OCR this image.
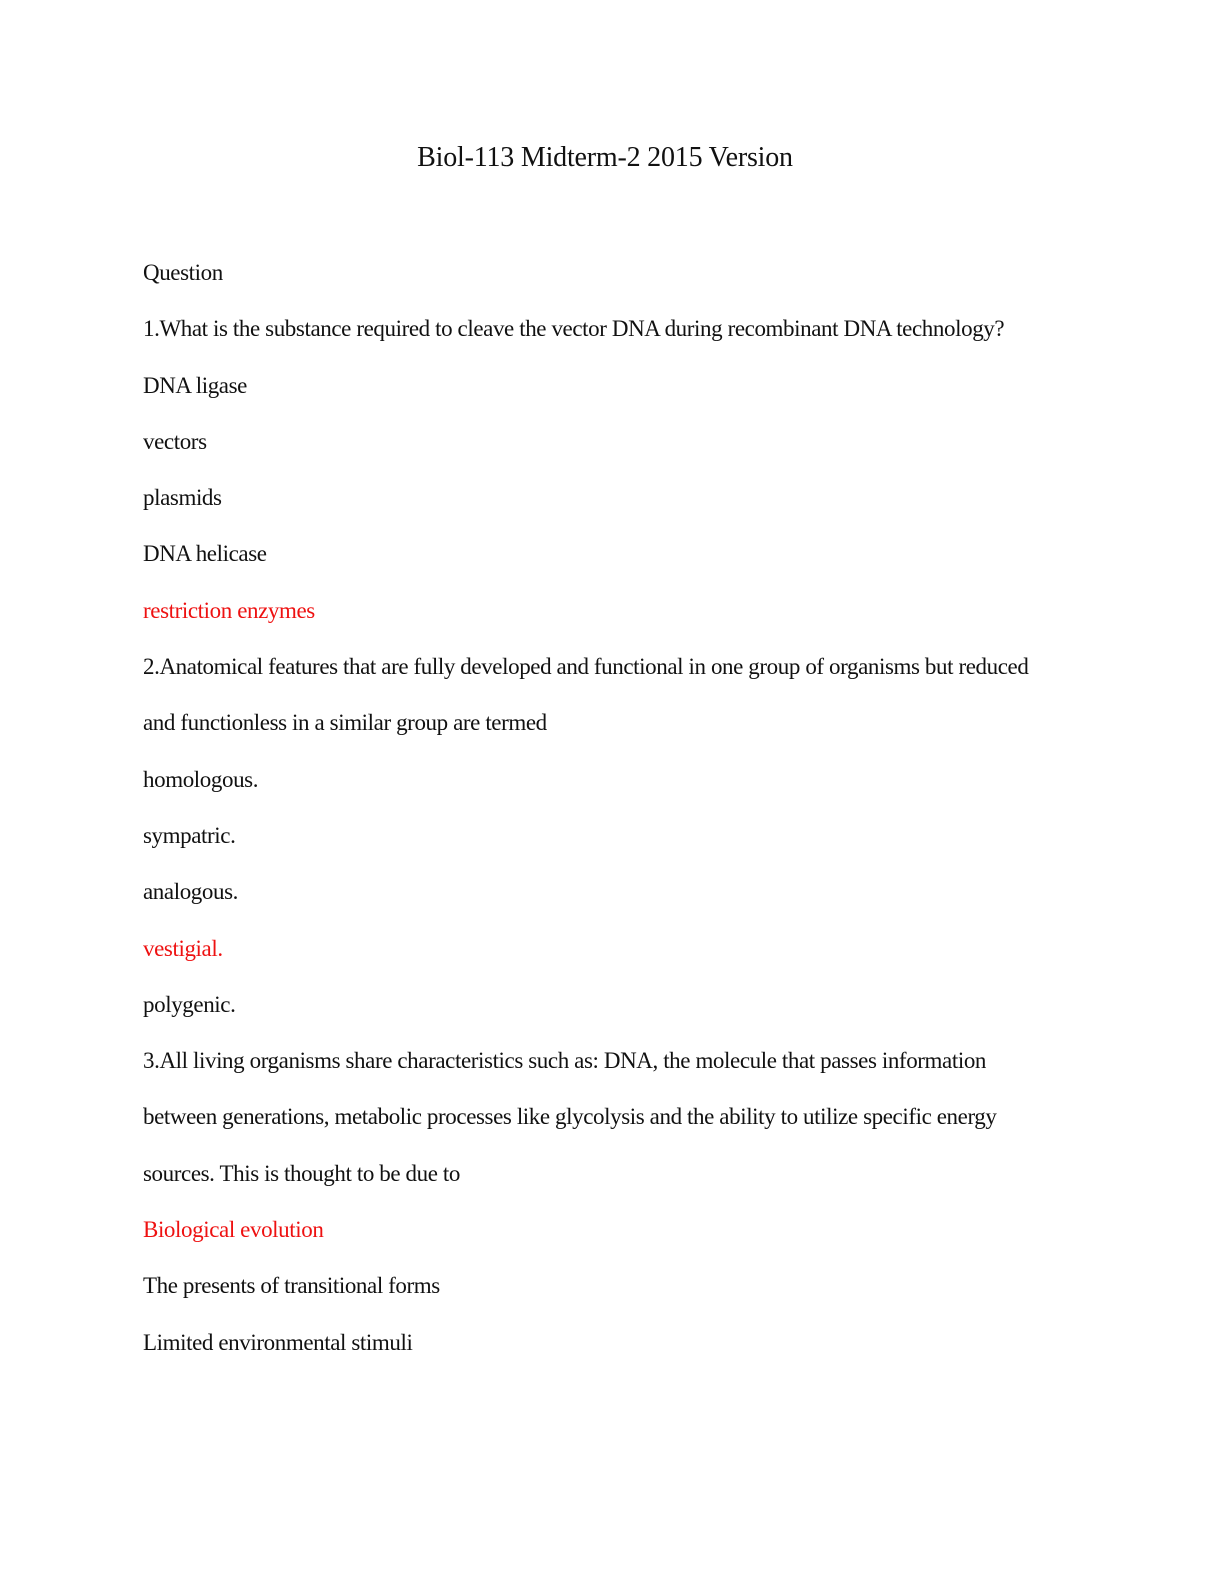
Biol-113 Midterm-2 2015 Version
Question
1.What is the substance required to cleave the vector DNA during recombinant DNA technology?
DNA ligase
vectors
plasmids
DNA helicase
restriction enzymes
2.Anatomical features that are fully developed and functional in one group of organisms but reduced
and functionless in a similar group are termed
homologous.
sympatric.
analogous.
vestigial.
polygenic.
3.All living organisms share characteristics such as: DNA, the molecule that passes information
between generations, metabolic processes like glycolysis and the ability to utilize specific energy
sources. This is thought to be due to
Biological evolution
The presents of transitional forms
Limited environmental stimuli
